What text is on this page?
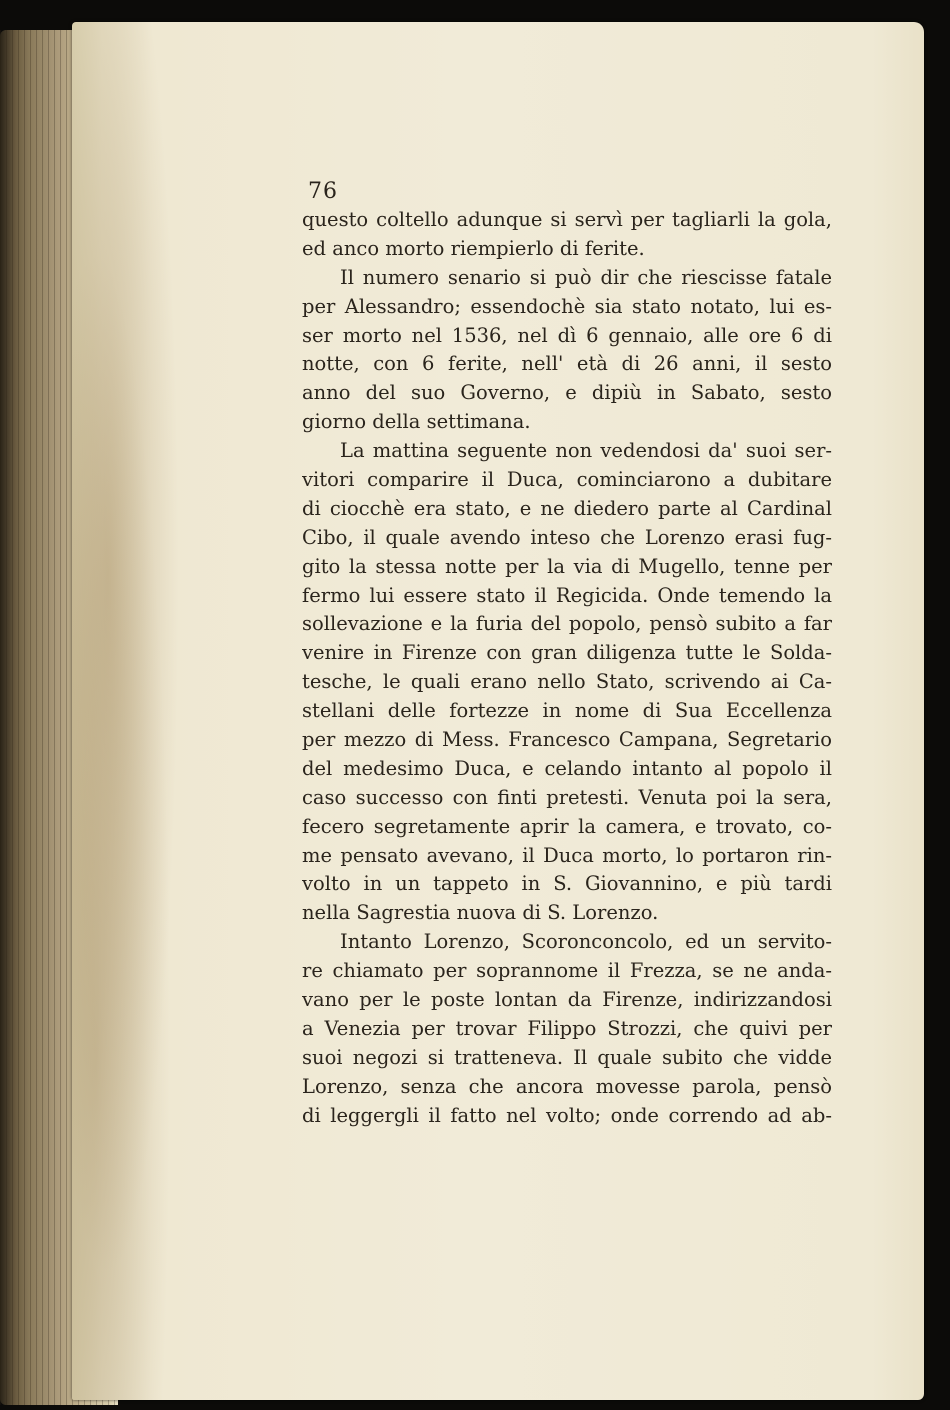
76
questo coltello adunque si servì per tagliarli la gola,
ed anco morto riempierlo di ferite.
Il numero senario si può dir che riescisse fatale
per Alessandro; essendochè sia stato notato, lui es-
ser morto nel 1536, nel dì 6 gennaio, alle ore 6 di
notte, con 6 ferite, nell' età di 26 anni, il sesto
anno del suo Governo, e dipiù in Sabato, sesto
giorno della settimana.
La mattina seguente non vedendosi da' suoi ser-
vitori comparire il Duca, cominciarono a dubitare
di ciocchè era stato, e ne diedero parte al Cardinal
Cibo, il quale avendo inteso che Lorenzo erasi fug-
gito la stessa notte per la via di Mugello, tenne per
fermo lui essere stato il Regicida. Onde temendo la
sollevazione e la furia del popolo, pensò subito a far
venire in Firenze con gran diligenza tutte le Solda-
tesche, le quali erano nello Stato, scrivendo ai Ca-
stellani delle fortezze in nome di Sua Eccellenza
per mezzo di Mess. Francesco Campana, Segretario
del medesimo Duca, e celando intanto al popolo il
caso successo con finti pretesti. Venuta poi la sera,
fecero segretamente aprir la camera, e trovato, co-
me pensato avevano, il Duca morto, lo portaron rin-
volto in un tappeto in S. Giovannino, e più tardi
nella Sagrestia nuova di S. Lorenzo.
Intanto Lorenzo, Scoronconcolo, ed un servito-
re chiamato per soprannome il Frezza, se ne anda-
vano per le poste lontan da Firenze, indirizzandosi
a Venezia per trovar Filippo Strozzi, che quivi per
suoi negozi si tratteneva. Il quale subito che vidde
Lorenzo, senza che ancora movesse parola, pensò
di leggergli il fatto nel volto; onde correndo ad ab-
